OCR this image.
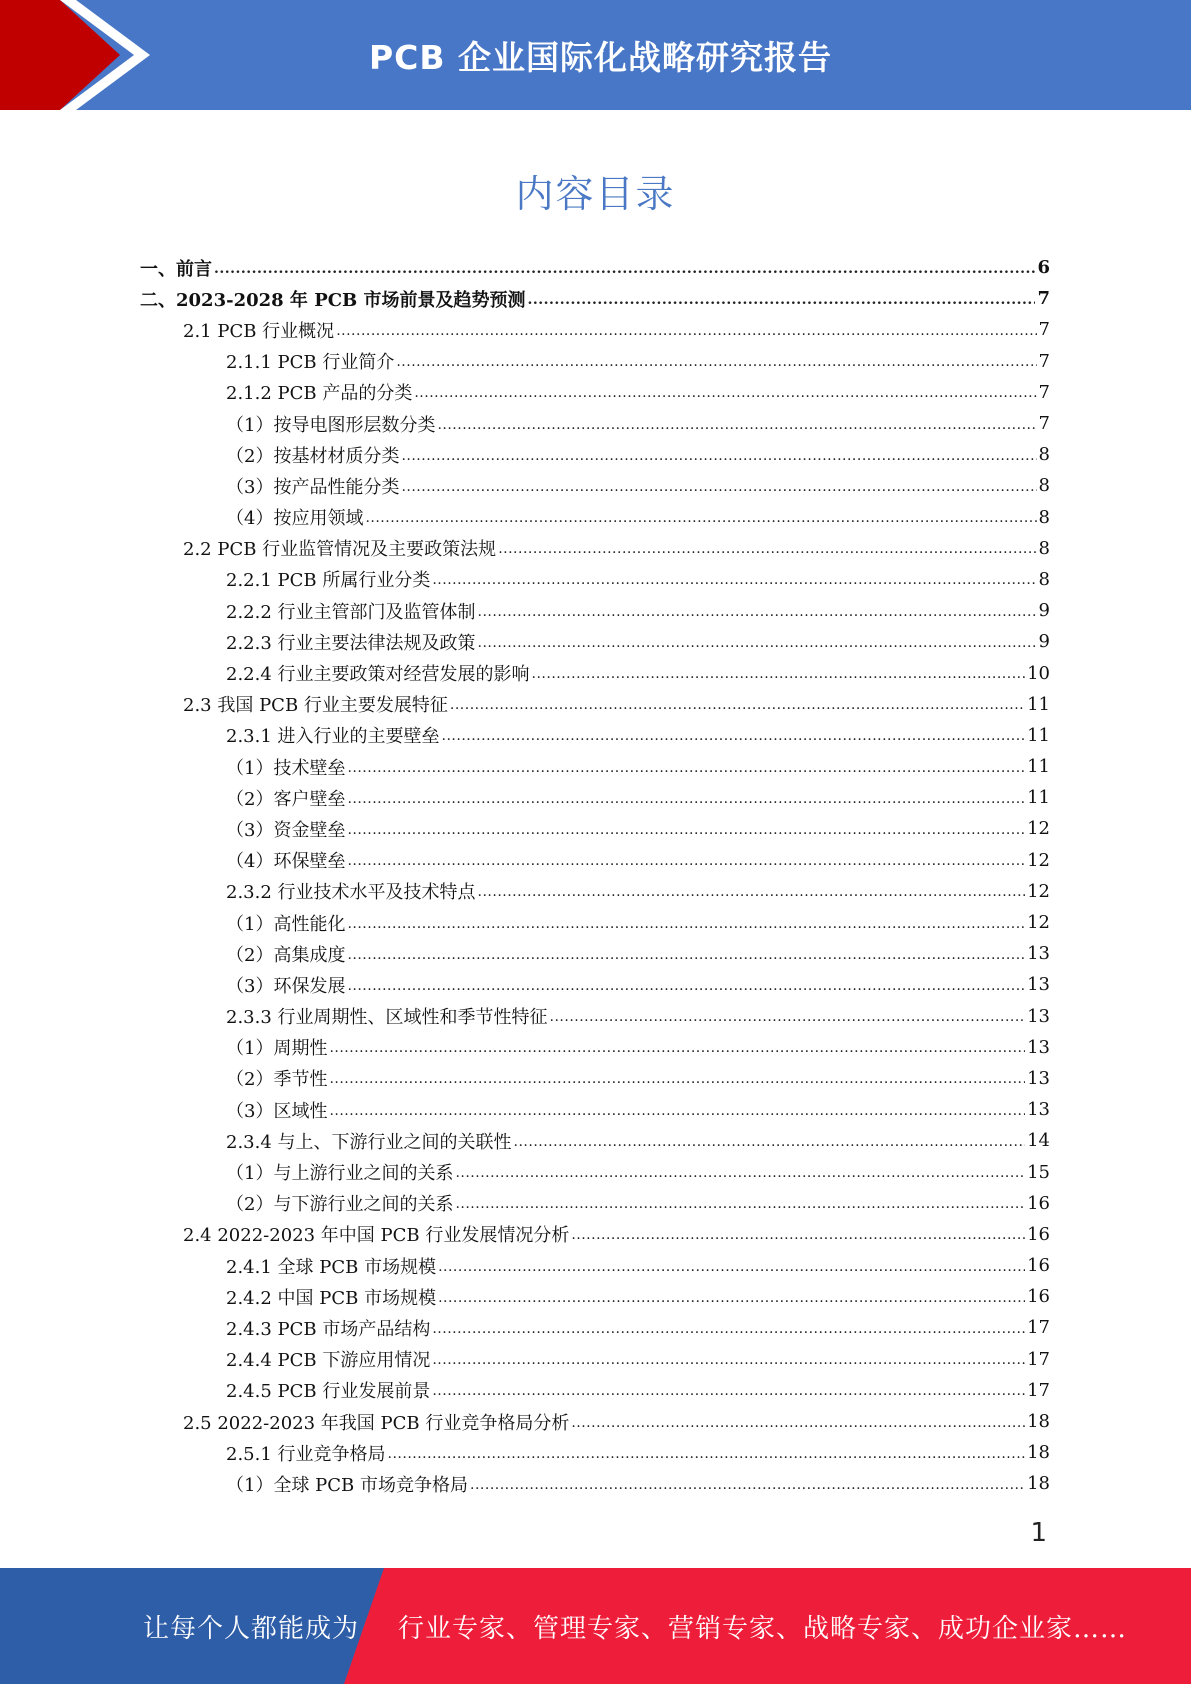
PCB 企业国际化战略研究报告
内容目录
一、前言 .....	6
二、2023-2028 年 PCB 市场前景及趋势预测 .....	7
2.1 PCB 行业概况 .....	7
2.1.1 PCB 行业简介 .....	7
2.1.2 PCB 产品的分类 .....	7
（1）按导电图形层数分类 .....	7
（2）按基材材质分类 .....	8
（3）按产品性能分类 .....	8
（4）按应用领域 .....	8
2.2 PCB 行业监管情况及主要政策法规 .....	8
2.2.1 PCB 所属行业分类 .....	8
2.2.2 行业主管部门及监管体制 .....	9
2.2.3 行业主要法律法规及政策 .....	9
2.2.4 行业主要政策对经营发展的影响 .....	10
2.3 我国 PCB 行业主要发展特征 .....	11
2.3.1 进入行业的主要壁垒 .....	11
（1）技术壁垒 .....	11
（2）客户壁垒 .....	11
（3）资金壁垒 .....	12
（4）环保壁垒 .....	12
2.3.2 行业技术水平及技术特点 .....	12
（1）高性能化 .....	12
（2）高集成度 .....	13
（3）环保发展 .....	13
2.3.3 行业周期性、区域性和季节性特征 .....	13
（1）周期性 .....	13
（2）季节性 .....	13
（3）区域性 .....	13
2.3.4 与上、下游行业之间的关联性 .....	14
（1）与上游行业之间的关系 .....	15
（2）与下游行业之间的关系 .....	16
2.4 2022-2023 年中国 PCB 行业发展情况分析 .....	16
2.4.1 全球 PCB 市场规模 .....	16
2.4.2 中国 PCB 市场规模 .....	16
2.4.3 PCB 市场产品结构 .....	17
2.4.4 PCB 下游应用情况 .....	17
2.4.5 PCB 行业发展前景 .....	17
2.5 2022-2023 年我国 PCB 行业竞争格局分析 .....	18
2.5.1 行业竞争格局 .....	18
（1）全球 PCB 市场竞争格局 .....	18
1
让每个人都能成为 行业专家、管理专家、营销专家、战略专家、成功企业家……
